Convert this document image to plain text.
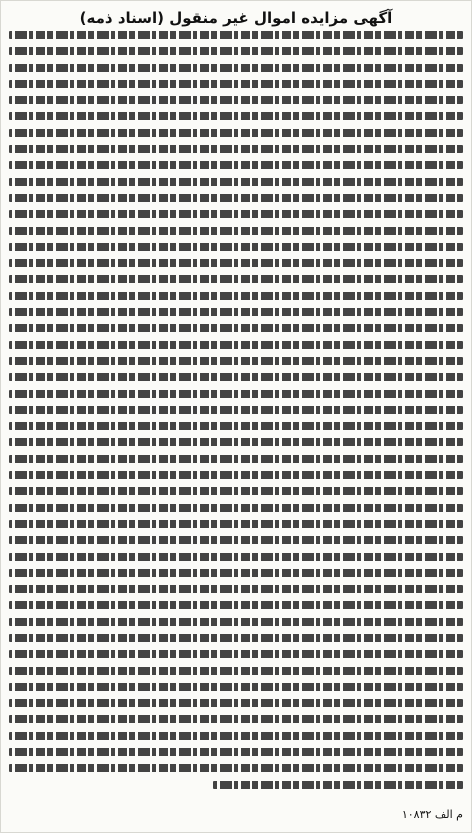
آگهی مزایده اموال غیر منقول (اسناد ذمه)
م الف ۱۰۸۳۲
